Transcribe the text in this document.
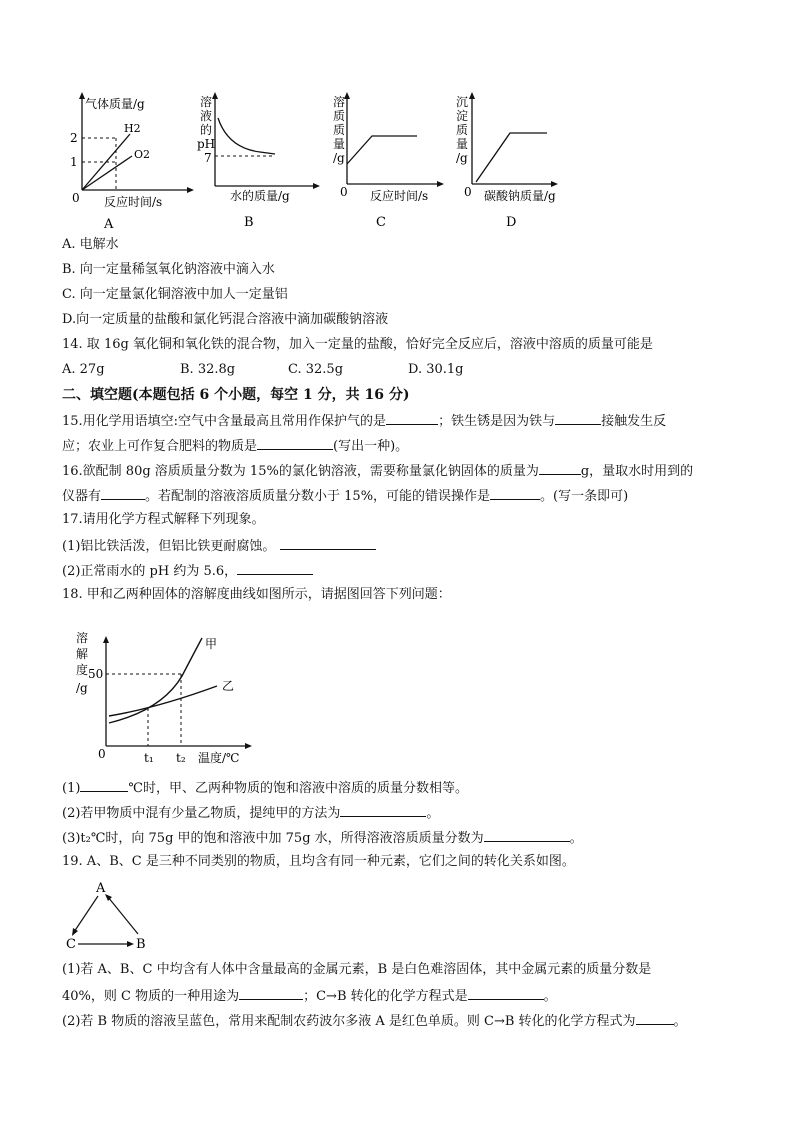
气体质量/g
H2
O2
2
1
0 反应时间/s
A
溶
液
的
pH
7
水的质量/g
B
溶
质
质
量
/g
0 反应时间/s
C
沉
淀
质
量
/g
0 碳酸钠质量/g
D
A. 电解水
B. 向一定量稀氢氧化钠溶液中滴入水
C. 向一定量氯化铜溶液中加人一定量铝
D.向一定质量的盐酸和氯化钙混合溶液中滴加碳酸钠溶液
14. 取 16g 氧化铜和氧化铁的混合物，加入一定量的盐酸，恰好完全反应后，溶液中溶质的质量可能是
A. 27g	B. 32.8g	C. 32.5g	D. 30.1g
二、填空题(本题包括 6 个小题，每空 1 分，共 16 分)
15.用化学用语填空:空气中含量最高且常用作保护气的是	；铁生锈是因为铁与	接触发生反
应；农业上可作复合肥料的物质是	(写出一种)。
16.欲配制 80g 溶质质量分数为 15%的氯化钠溶液，需要称量氯化钠固体的质量为	g，量取水时用到的
仪器有	。若配制的溶液溶质质量分数小于 15%，可能的错误操作是	。(写一条即可)
17.请用化学方程式解释下列现象。
(1)铝比铁活泼，但铝比铁更耐腐蚀。
(2)正常雨水的 pH 约为 5.6，
18. 甲和乙两种固体的溶解度曲线如图所示，请据图回答下列问题：
溶
解
度
/g
50
0	t₁ t₂ 温度/℃
甲
乙
(1)	℃时，甲、乙两种物质的饱和溶液中溶质的质量分数相等。
(2)若甲物质中混有少量乙物质，提纯甲的方法为	。
(3)t₂℃时，向 75g 甲的饱和溶液中加 75g 水，所得溶液溶质质量分数为	。
19. A、B、C 是三种不同类别的物质，且均含有同一种元素，它们之间的转化关系如图。
A
C	B
(1)若 A、B、C 中均含有人体中含量最高的金属元素，B 是白色难溶固体，其中金属元素的质量分数是
40%，则 C 物质的一种用途为	；C→B 转化的化学方程式是	。
(2)若 B 物质的溶液呈蓝色，常用来配制农药波尔多液 A 是红色单质。则 C→B 转化的化学方程式为	。
